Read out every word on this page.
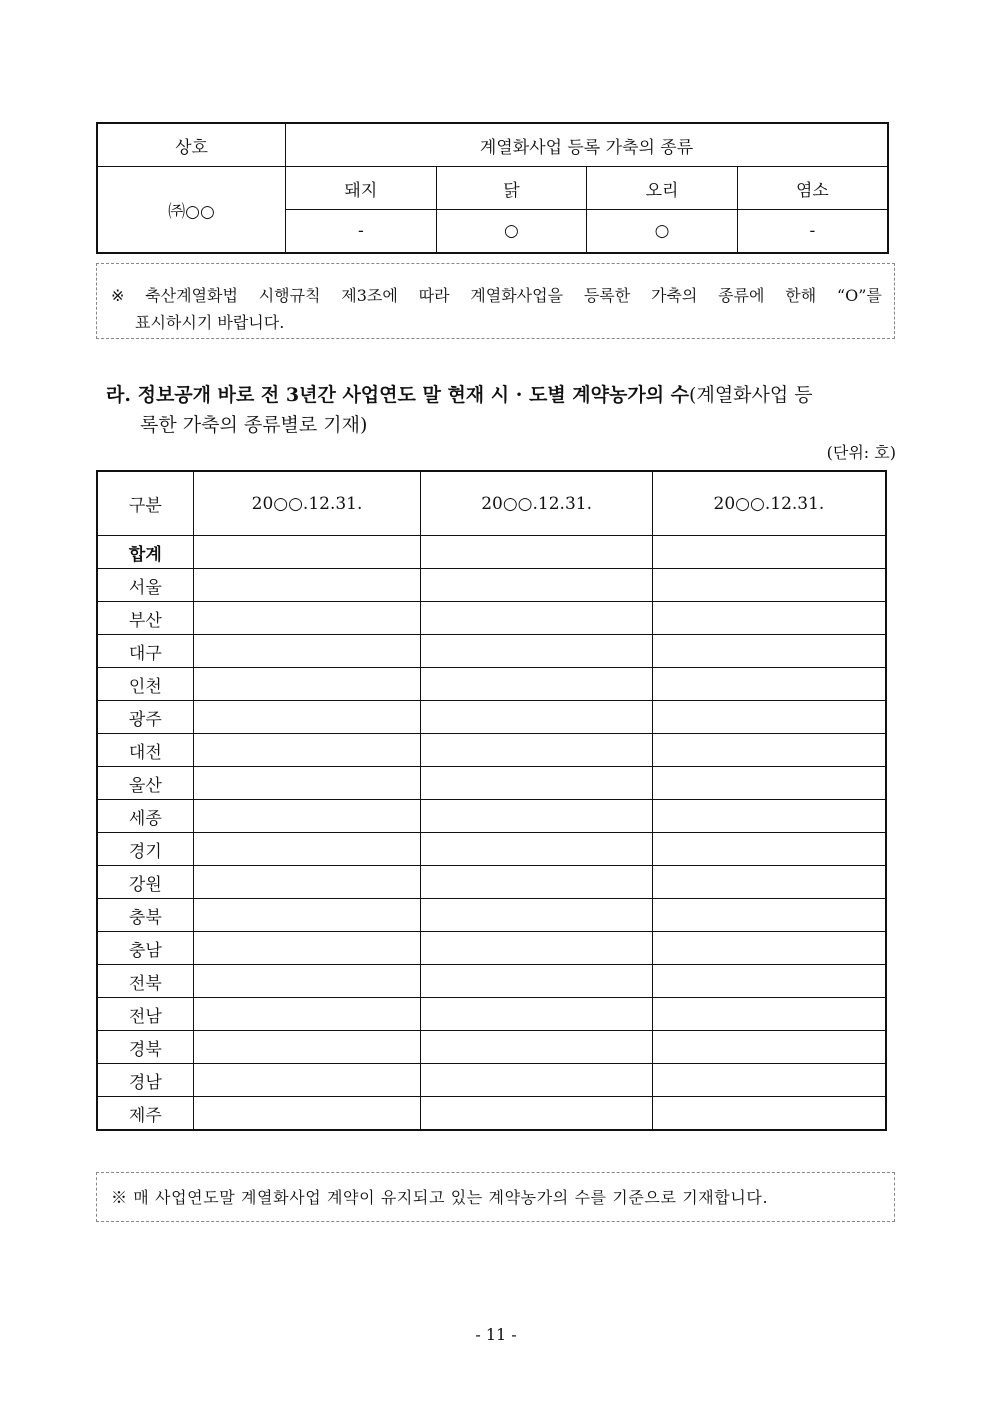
상호	계열화사업 등록 가축의 종류			
㈜○○	돼지	닭	오리	염소
	-	○	○	-
※ 축산계열화법 시행규칙 제3조에 따라 계열화사업을 등록한 가축의 종류에 한해 “O”를
표시하시기 바랍니다.
라. 정보공개 바로 전 3년간 사업연도 말 현재 시 · 도별 계약농가의 수(계열화사업 등
록한 가축의 종류별로 기재)
(단위: 호)
구분	20○○.12.31.	20○○.12.31.	20○○.12.31.
합계			
서울			
부산			
대구			
인천			
광주			
대전			
울산			
세종			
경기			
강원			
충북			
충남			
전북			
전남			
경북			
경남			
제주			
※ 매 사업연도말 계열화사업 계약이 유지되고 있는 계약농가의 수를 기준으로 기재합니다.
- 11 -
